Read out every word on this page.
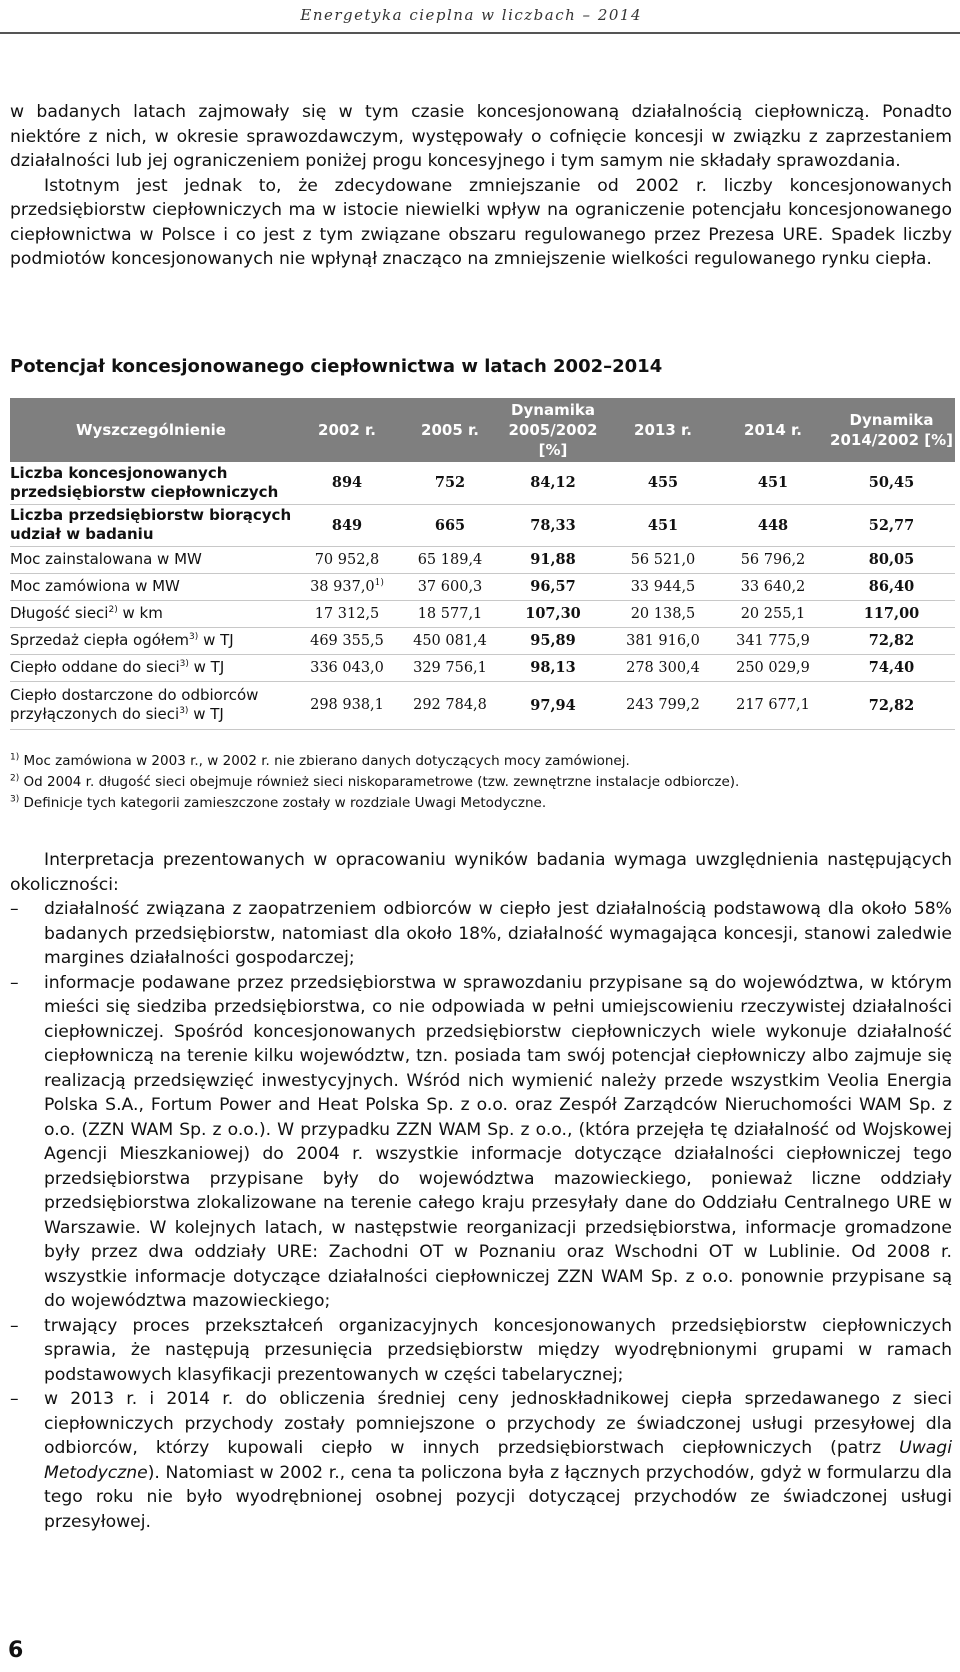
Energetyka cieplna w liczbach – 2014

w badanych latach zajmowały się w tym czasie koncesjonowaną działalnością ciepłowniczą. Ponadto niektóre z nich, w okresie sprawozdawczym, występowały o cofnięcie koncesji w związku z zaprzestaniem działalności lub jej ograniczeniem poniżej progu koncesyjnego i tym samym nie składały sprawozdania.

Istotnym jest jednak to, że zdecydowane zmniejszanie od 2002 r. liczby koncesjonowanych przedsiębiorstw ciepłowniczych ma w istocie niewielki wpływ na ograniczenie potencjału koncesjonowanego ciepłownictwa w Polsce i co jest z tym związane obszaru regulowanego przez Prezesa URE. Spadek liczby podmiotów koncesjonowanych nie wpłynął znacząco na zmniejszenie wielkości regulowanego rynku ciepła.

Potencjał koncesjonowanego ciepłownictwa w latach 2002–2014
Wyszczególnienie	2002 r.	2005 r.	Dynamika 2005/2002 [%]	2013 r.	2014 r.	Dynamika 2014/2002 [%]
Liczba koncesjonowanych przedsiębiorstw ciepłowniczych	894	752	84,12	455	451	50,45
Liczba przedsiębiorstw biorących udział w badaniu	849	665	78,33	451	448	52,77
Moc zainstalowana w MW	70 952,8	65 189,4	91,88	56 521,0	56 796,2	80,05
Moc zamówiona w MW	38 937,0$^{1)}$	37 600,3	96,57	33 944,5	33 640,2	86,40
Długość sieci$^{2)}$ w km	17 312,5	18 577,1	107,30	20 138,5	20 255,1	117,00
Sprzedaż ciepła ogółem$^{3)}$ w TJ	469 355,5	450 081,4	95,89	381 916,0	341 775,9	72,82
Ciepło oddane do sieci$^{3)}$ w TJ	336 043,0	329 756,1	98,13	278 300,4	250 029,9	74,40
Ciepło dostarczone do odbiorców przyłączonych do sieci$^{3)}$ w TJ	298 938,1	292 784,8	97,94	243 799,2	217 677,1	72,82
$^{1)}$ Moc zamówiona w 2003 r., w 2002 r. nie zbierano danych dotyczących mocy zamówionej.
$^{2)}$ Od 2004 r. długość sieci obejmuje również sieci niskoparametrowe (tzw. zewnętrzne instalacje odbiorcze).
$^{3)}$ Definicje tych kategorii zamieszczone zostały w rozdziale Uwagi Metodyczne.

Interpretacja prezentowanych w opracowaniu wyników badania wymaga uwzględnienia następujących okoliczności:

– działalność związana z zaopatrzeniem odbiorców w ciepło jest działalnością podstawową dla około 58% badanych przedsiębiorstw, natomiast dla około 18%, działalność wymagająca koncesji, stanowi zaledwie margines działalności gospodarczej;
– informacje podawane przez przedsiębiorstwa w sprawozdaniu przypisane są do województwa, w którym mieści się siedziba przedsiębiorstwa, co nie odpowiada w pełni umiejscowieniu rzeczywistej działalności ciepłowniczej. Spośród koncesjonowanych przedsiębiorstw ciepłowniczych wiele wykonuje działalność ciepłowniczą na terenie kilku województw, tzn. posiada tam swój potencjał ciepłowniczy albo zajmuje się realizacją przedsięwzięć inwestycyjnych. Wśród nich wymienić należy przede wszystkim Veolia Energia Polska S.A., Fortum Power and Heat Polska Sp. z o.o. oraz Zespół Zarządców Nieruchomości WAM Sp. z o.o. (ZZN WAM Sp. z o.o.). W przypadku ZZN WAM Sp. z o.o., (która przejęła tę działalność od Wojskowej Agencji Mieszkaniowej) do 2004 r. wszystkie informacje dotyczące działalności ciepłowniczej tego przedsiębiorstwa przypisane były do województwa mazowieckiego, ponieważ liczne oddziały przedsiębiorstwa zlokalizowane na terenie całego kraju przesyłały dane do Oddziału Centralnego URE w Warszawie. W kolejnych latach, w następstwie reorganizacji przedsiębiorstwa, informacje gromadzone były przez dwa oddziały URE: Zachodni OT w Poznaniu oraz Wschodni OT w Lublinie. Od 2008 r. wszystkie informacje dotyczące działalności ciepłowniczej ZZN WAM Sp. z o.o. ponownie przypisane są do województwa mazowieckiego;
– trwający proces przekształceń organizacyjnych koncesjonowanych przedsiębiorstw ciepłowniczych sprawia, że następują przesunięcia przedsiębiorstw między wyodrębnionymi grupami w ramach podstawowych klasyfikacji prezentowanych w części tabelarycznej;
– w 2013 r. i 2014 r. do obliczenia średniej ceny jednoskładnikowej ciepła sprzedawanego z sieci ciepłowniczych przychody zostały pomniejszone o przychody ze świadczonej usługi przesyłowej dla odbiorców, którzy kupowali ciepło w innych przedsiębiorstwach ciepłowniczych (patrz Uwagi Metodyczne). Natomiast w 2002 r., cena ta policzona była z łącznych przychodów, gdyż w formularzu dla tego roku nie było wyodrębnionej osobnej pozycji dotyczącej przychodów ze świadczonej usługi przesyłowej.
6
